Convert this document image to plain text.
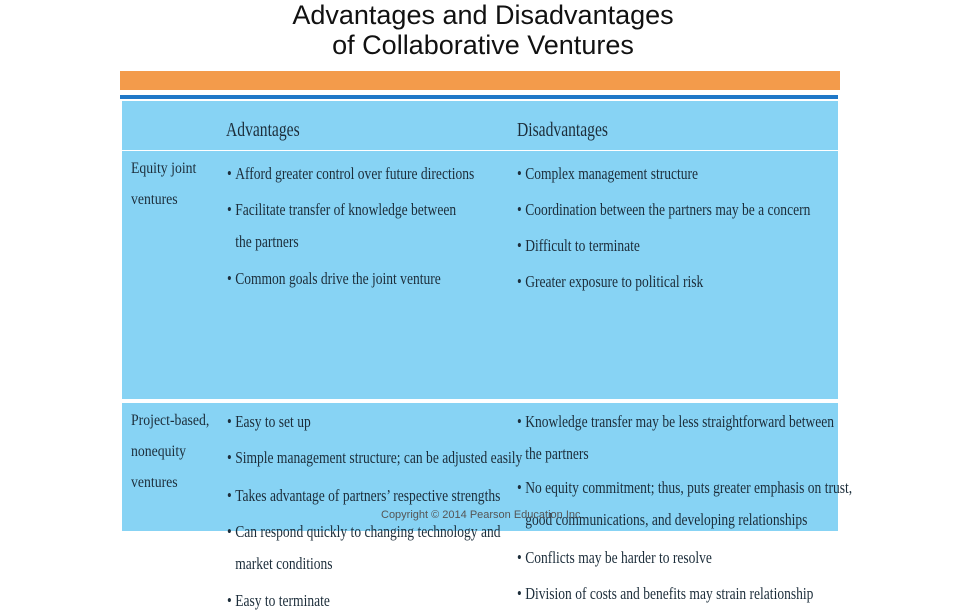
Advantages and Disadvantages
of Collaborative Ventures
Advantages	Disadvantages
Equity joint
ventures
• Afford greater control over future directions
• Facilitate transfer of knowledge between
the partners
• Common goals drive the joint venture
• Complex management structure
• Coordination between the partners may be a concern
• Difficult to terminate
• Greater exposure to political risk
Project-based,
nonequity
ventures
• Easy to set up
• Simple management structure; can be adjusted easily
• Takes advantage of partners’ respective strengths
• Can respond quickly to changing technology and
market conditions
• Easy to terminate
• Knowledge transfer may be less straightforward between
the partners
• No equity commitment; thus, puts greater emphasis on trust,
good communications, and developing relationships
• Conflicts may be harder to resolve
• Division of costs and benefits may strain relationship
Copyright © 2014 Pearson Education Inc
